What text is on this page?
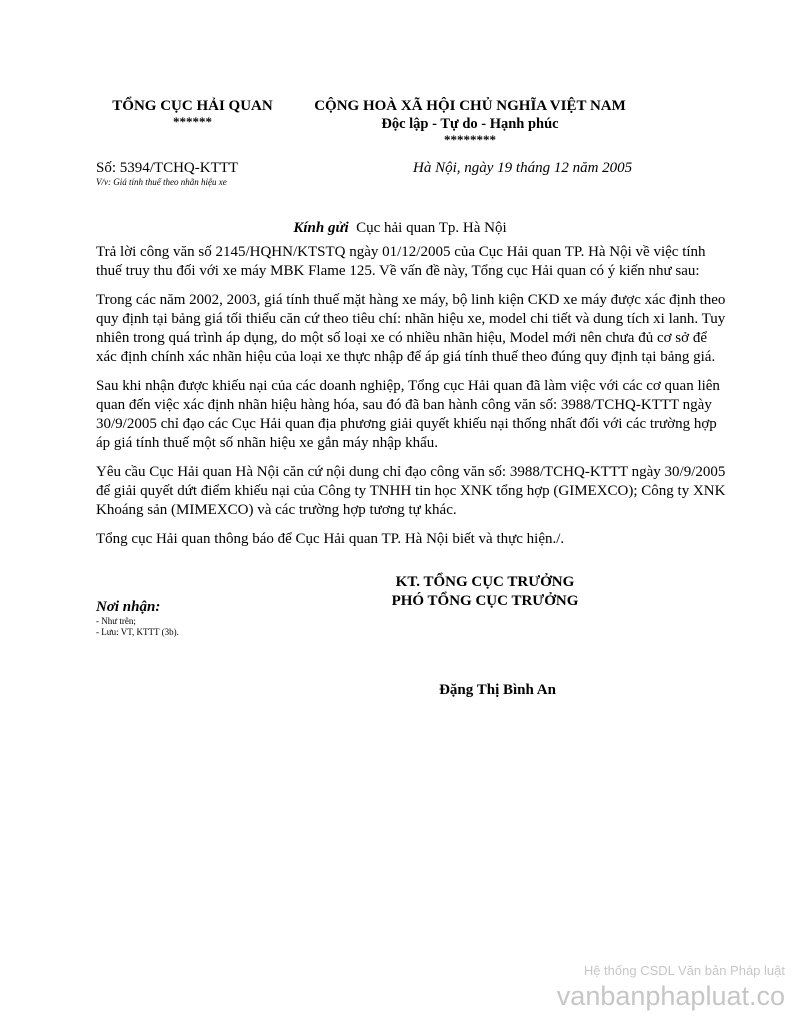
TỔNG CỤC HẢI QUAN
******
CỘNG HOÀ XÃ HỘI CHỦ NGHĨA VIỆT NAM
Độc lập - Tự do - Hạnh phúc
********
Số: 5394/TCHQ-KTTT
V/v: Giá tính thuế theo nhãn hiệu xe
Hà Nội, ngày 19 tháng 12 năm 2005
Kính gửi Cục hải quan Tp. Hà Nội

Trả lời công văn số 2145/HQHN/KTSTQ ngày 01/12/2005 của Cục Hải quan TP. Hà Nội về việc tính thuế truy thu đối với xe máy MBK Flame 125. Về vấn đề này, Tổng cục Hải quan có ý kiến như sau:

Trong các năm 2002, 2003, giá tính thuế mặt hàng xe máy, bộ linh kiện CKD xe máy được xác định theo quy định tại bảng giá tối thiểu căn cứ theo tiêu chí: nhãn hiệu xe, model chi tiết và dung tích xi lanh. Tuy nhiên trong quá trình áp dụng, do một số loại xe có nhiều nhãn hiệu, Model mới nên chưa đủ cơ sở để xác định chính xác nhãn hiệu của loại xe thực nhập để áp giá tính thuế theo đúng quy định tại bảng giá.

Sau khi nhận được khiếu nại của các doanh nghiệp, Tổng cục Hải quan đã làm việc với các cơ quan liên quan đến việc xác định nhãn hiệu hàng hóa, sau đó đã ban hành công văn số: 3988/TCHQ-KTTT ngày 30/9/2005 chỉ đạo các Cục Hải quan địa phương giải quyết khiếu nại thống nhất đối với các trường hợp áp giá tính thuế một số nhãn hiệu xe gắn máy nhập khẩu.

Yêu cầu Cục Hải quan Hà Nội căn cứ nội dung chỉ đạo công văn số: 3988/TCHQ-KTTT ngày 30/9/2005 để giải quyết dứt điểm khiếu nại của Công ty TNHH tin học XNK tổng hợp (GIMEXCO); Công ty XNK Khoáng sản (MIMEXCO) và các trường hợp tương tự khác.

Tổng cục Hải quan thông báo để Cục Hải quan TP. Hà Nội biết và thực hiện./.

KT. TỔNG CỤC TRƯỞNG
PHÓ TỔNG CỤC TRƯỞNG
Nơi nhận:
- Như trên;
- Lưu: VT, KTTT (3b).
Đặng Thị Bình An
Hệ thống CSDL Văn bản Pháp luật
vanbanphapluat.co
